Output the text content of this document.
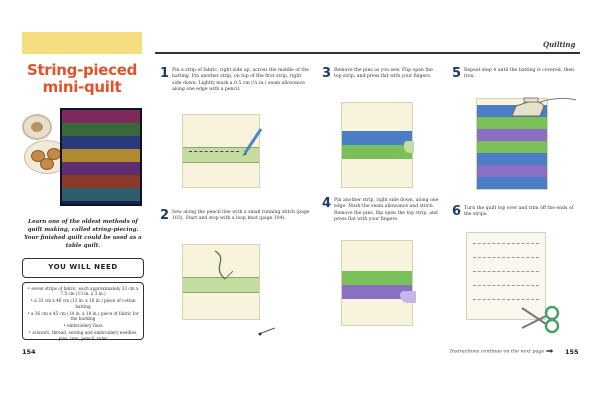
String-pieced
mini-quilt
Learn one of the oldest methods of quilt making, called string-piecing. Your finished quilt could be used as a table quilt.
YOU WILL NEED
• seven strips of fabric, each approximately 33 cm x 7.5 cm (13 in. x 3 in.)
• a 33 cm x 40 cm (13 in. x 16 in.) piece of cotton batting
• a 36 cm x 45 cm (14 in. x 18 in.) piece of fabric for the backing
• embroidery floss
• scissors, thread, sewing and embroidery needles, pins, iron, pencil, ruler
154
Quilting
1 Pin a strip of fabric, right side up, across the middle of the batting. Pin another strip, on top of the first strip, right side down. Lightly mark a 0.5 cm (¼ in.) seam allowance along one edge with a pencil.
2 Sew along the pencil line with a small running stitch (page 103). Start and stop with a loop knot (page 104).
3 Remove the pins as you sew. Flip open the top strip, and press flat with your fingers.
4 Pin another strip, right side down, along one edge. Mark the seam allowance and stitch. Remove the pins, flip open the top strip, and press flat with your fingers.
5 Repeat step 4 until the batting is covered, then iron.
6 Turn the quilt top over and trim off the ends of the strips.
Instructions continue on the next page	155
